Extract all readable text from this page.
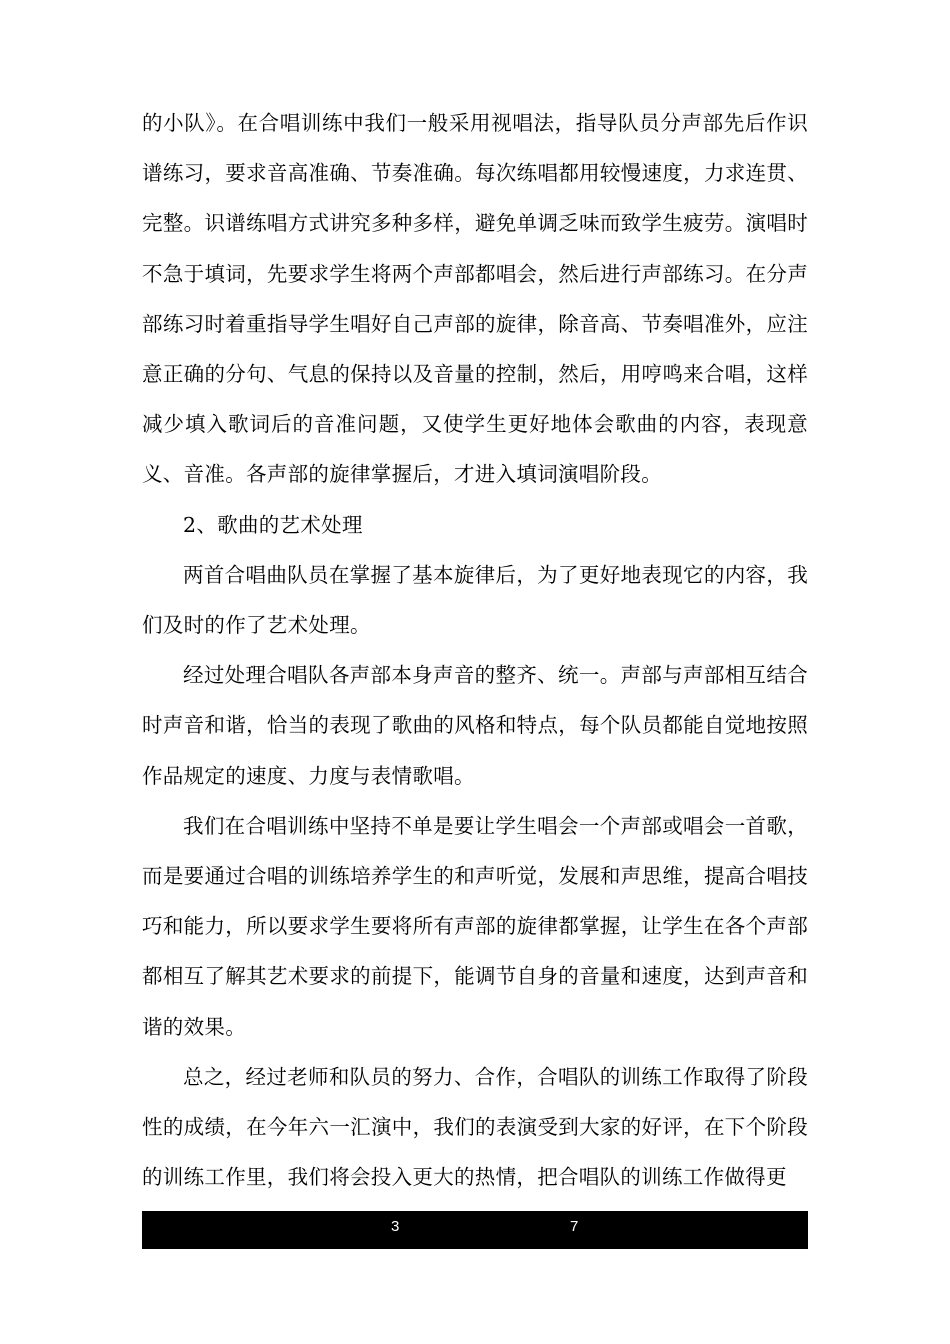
的小队》。在合唱训练中我们一般采用视唱法，指导队员分声部先后作识谱练习，要求音高准确、节奏准确。每次练唱都用较慢速度，力求连贯、完整。识谱练唱方式讲究多种多样，避免单调乏味而致学生疲劳。演唱时不急于填词，先要求学生将两个声部都唱会，然后进行声部练习。在分声部练习时着重指导学生唱好自己声部的旋律，除音高、节奏唱准外，应注意正确的分句、气息的保持以及音量的控制，然后，用哼鸣来合唱，这样减少填入歌词后的音准问题，又使学生更好地体会歌曲的内容，表现意义、音准。各声部的旋律掌握后，才进入填词演唱阶段。

2、歌曲的艺术处理

两首合唱曲队员在掌握了基本旋律后，为了更好地表现它的内容，我们及时的作了艺术处理。

经过处理合唱队各声部本身声音的整齐、统一。声部与声部相互结合时声音和谐，恰当的表现了歌曲的风格和特点，每个队员都能自觉地按照作品规定的速度、力度与表情歌唱。

我们在合唱训练中坚持不单是要让学生唱会一个声部或唱会一首歌，而是要通过合唱的训练培养学生的和声听觉，发展和声思维，提高合唱技巧和能力，所以要求学生要将所有声部的旋律都掌握，让学生在各个声部都相互了解其艺术要求的前提下，能调节自身的音量和速度，达到声音和谐的效果。

总之，经过老师和队员的努力、合作，合唱队的训练工作取得了阶段性的成绩，在今年六一汇演中，我们的表演受到大家的好评，在下个阶段的训练工作里，我们将会投入更大的热情，把合唱队的训练工作做得更

3	7
